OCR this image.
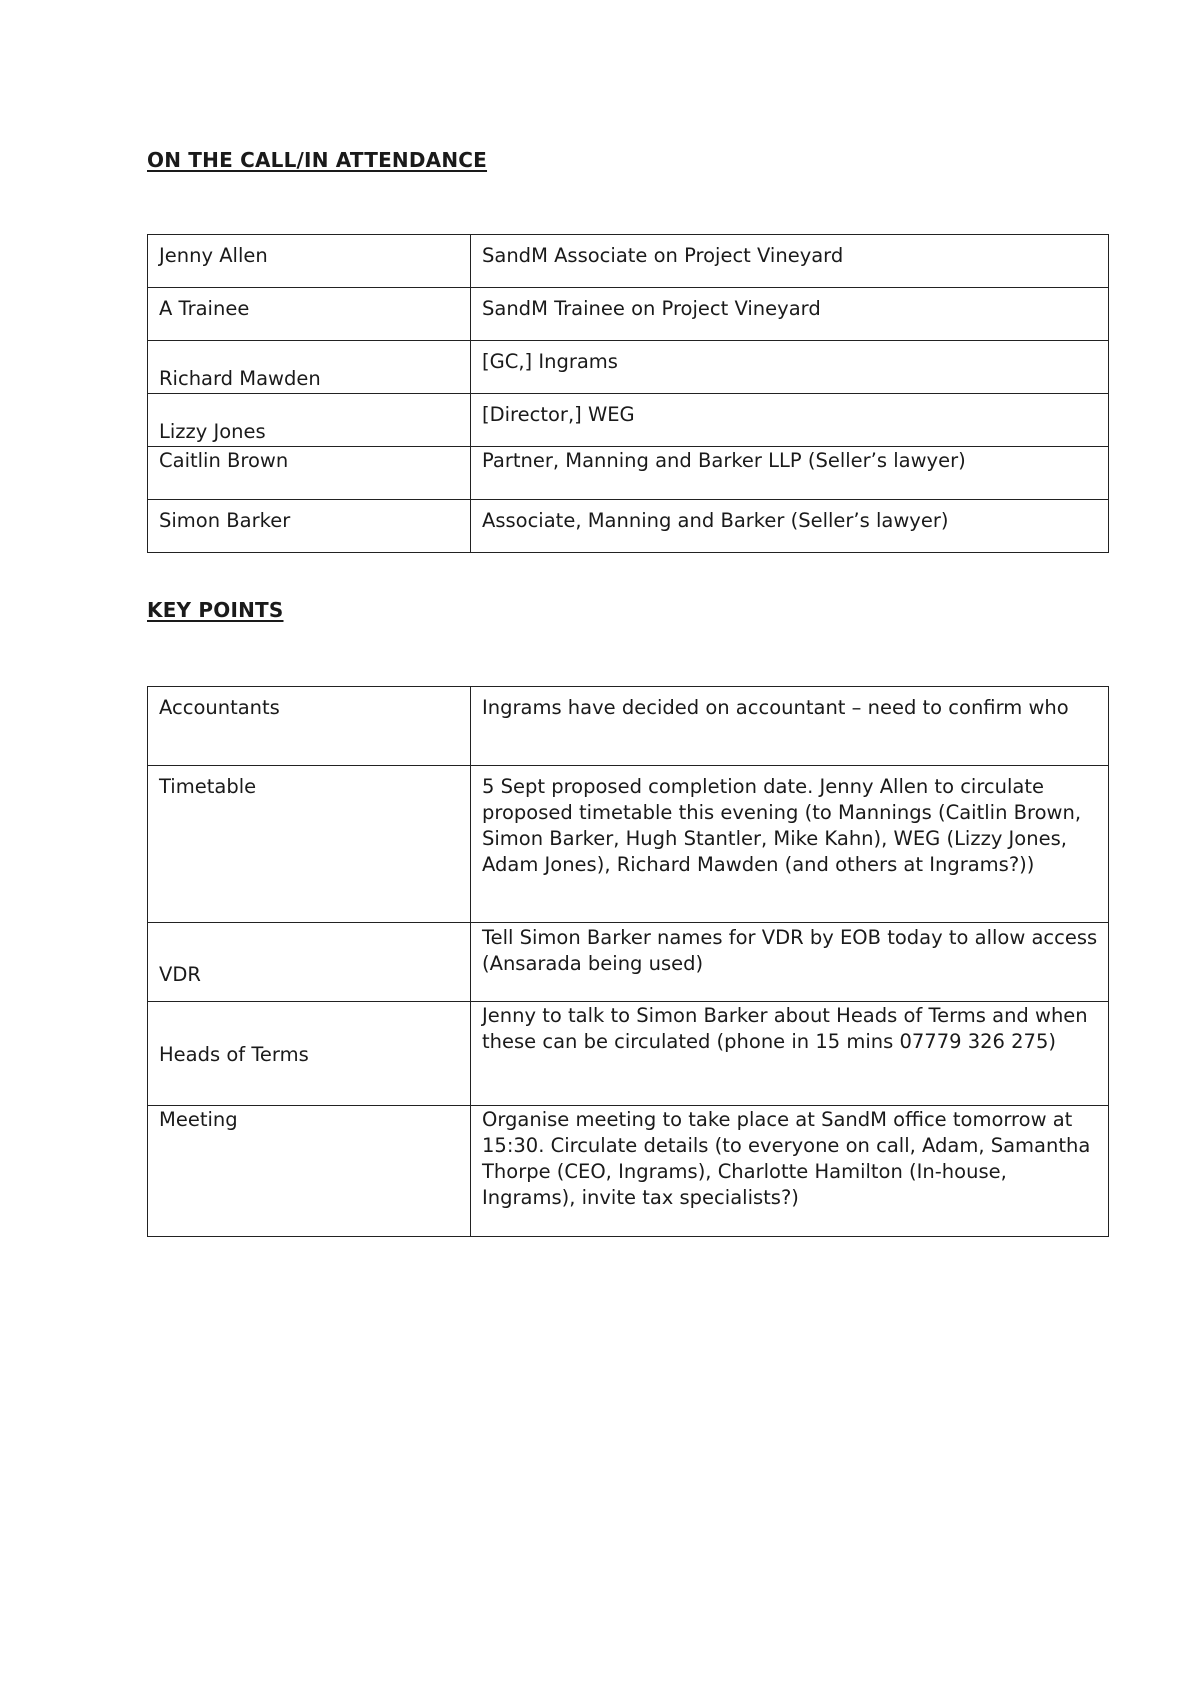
ON THE CALL/IN ATTENDANCE
Jenny Allen	SandM Associate on Project Vineyard
A Trainee	SandM Trainee on Project Vineyard
Richard Mawden	[GC,] Ingrams
Lizzy Jones	[Director,] WEG
Caitlin Brown	Partner, Manning and Barker LLP (Seller’s lawyer)
Simon Barker	Associate, Manning and Barker (Seller’s lawyer)
KEY POINTS
Accountants	Ingrams have decided on accountant – need to confirm who
Timetable	5 Sept proposed completion date. Jenny Allen to circulate proposed timetable this evening (to Mannings (Caitlin Brown, Simon Barker, Hugh Stantler, Mike Kahn), WEG (Lizzy Jones, Adam Jones), Richard Mawden (and others at Ingrams?))
VDR	Tell Simon Barker names for VDR by EOB today to allow access (Ansarada being used)
Heads of Terms	Jenny to talk to Simon Barker about Heads of Terms and when these can be circulated (phone in 15 mins 07779 326 275)
Meeting	Organise meeting to take place at SandM office tomorrow at 15:30. Circulate details (to everyone on call, Adam, Samantha Thorpe (CEO, Ingrams), Charlotte Hamilton (In-house, Ingrams), invite tax specialists?)
